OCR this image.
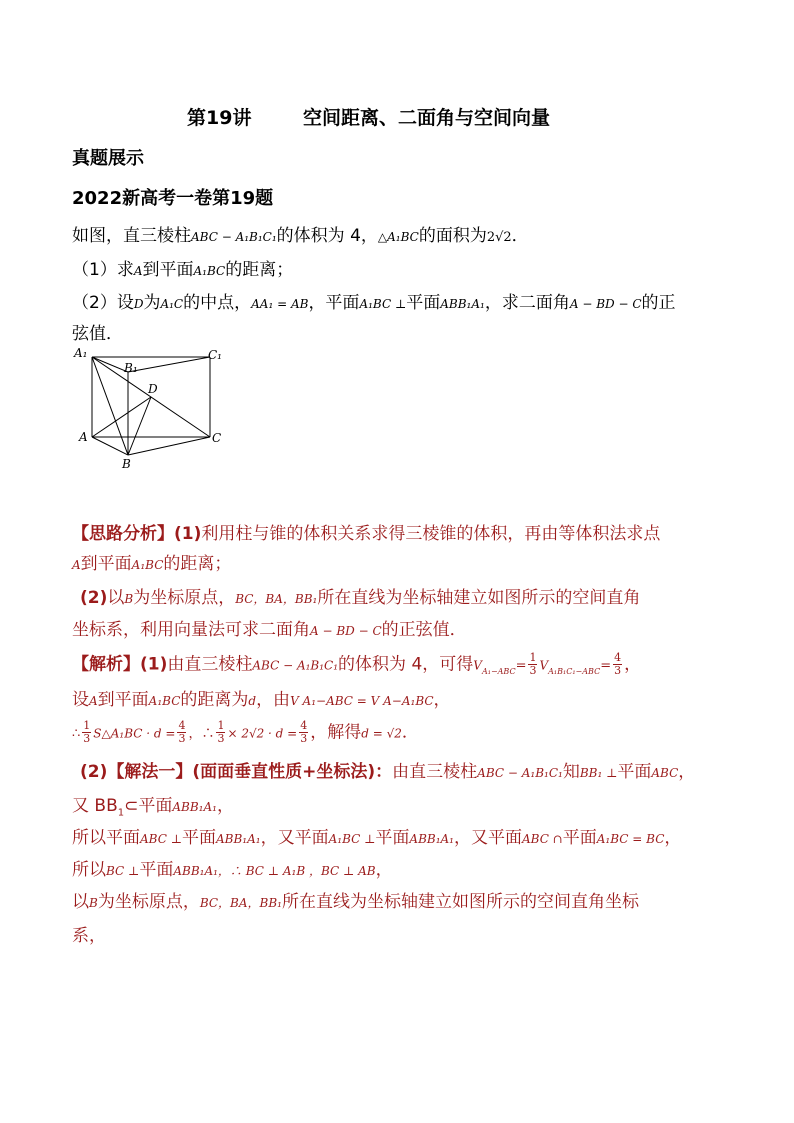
第19讲	空间距离、二面角与空间向量
真题展示
2022新高考一卷第19题
如图，直三棱柱ABC − A₁B₁C₁的体积为 4，△A₁BC的面积为2√2．
（1）求A到平面A₁BC的距离；
（2）设D为A₁C的中点，AA₁ = AB，平面A₁BC ⊥平面ABB₁A₁，求二面角A − BD − C的正
弦值．
A₁
B₁
C₁
D
A
B
C
【思路分析】(1)利用柱与锥的体积关系求得三棱锥的体积，再由等体积法求点
A到平面A₁BC的距离；
(2)以B为坐标原点，BC，BA，BB₁所在直线为坐标轴建立如图所示的空间直角
坐标系，利用向量法可求二面角A − BD − C的正弦值．
【解析】(1)由直三棱柱ABC − A₁B₁C₁的体积为 4，可得$V_{A_1-ABC}= \frac{1}{3} V_{A_1B_1C_1-ABC}= \frac{4}{3}$ ，
设A到平面A₁BC的距离为d，由V A₁−ABC = V A−A₁BC，
∴ $\frac{1}{3}$ S△A₁BC · $d = \frac{4}{3}$ ，∴ $\frac{1}{3} \times 2√2 \cdot d = \frac{4}{3}$ ，解得d = √2．
(2)【解法一】(面面垂直性质+坐标法)：由直三棱柱ABC − A₁B₁C₁知BB₁ ⊥平面ABC，
又 $BB_1\subset$平面ABB₁A₁，
所以平面ABC ⊥平面ABB₁A₁，又平面A₁BC ⊥平面ABB₁A₁，又平面ABC ∩平面A₁BC = BC，
所以BC ⊥平面ABB₁A₁，∴ BC ⊥ A₁B ，BC ⊥ AB，
以B为坐标原点，BC，BA，BB₁所在直线为坐标轴建立如图所示的空间直角坐标
系，
